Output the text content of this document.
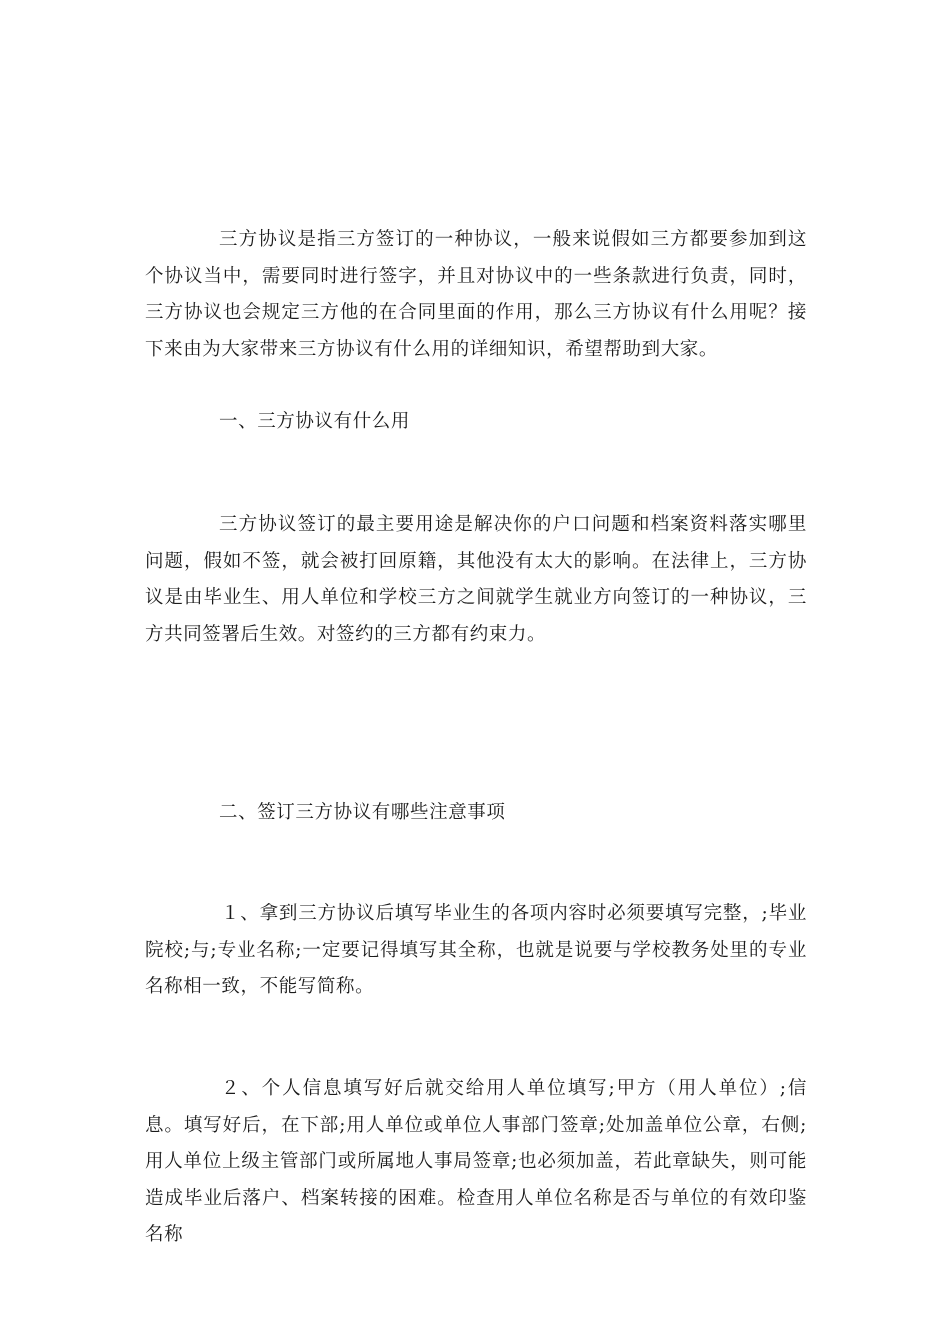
三方协议是指三方签订的一种协议，一般来说假如三方都要参加到这个协议当中，需要同时进行签字，并且对协议中的一些条款进行负责，同时，三方协议也会规定三方他的在合同里面的作用，那么三方协议有什么用呢？接下来由为大家带来三方协议有什么用的详细知识，希望帮助到大家。

一、三方协议有什么用

三方协议签订的最主要用途是解决你的户口问题和档案资料落实哪里问题，假如不签，就会被打回原籍，其他没有太大的影响。在法律上，三方协议是由毕业生、用人单位和学校三方之间就学生就业方向签订的一种协议，三方共同签署后生效。对签约的三方都有约束力。

二、签订三方协议有哪些注意事项

１、拿到三方协议后填写毕业生的各项内容时必须要填写完整，;毕业院校;与;专业名称;一定要记得填写其全称，也就是说要与学校教务处里的专业名称相一致，不能写简称。

２、个人信息填写好后就交给用人单位填写;甲方（用人单位）;信息。填写好后，在下部;用人单位或单位人事部门签章;处加盖单位公章，右侧;用人单位上级主管部门或所属地人事局签章;也必须加盖，若此章缺失，则可能造成毕业后落户、档案转接的困难。检查用人单位名称是否与单位的有效印鉴名称
